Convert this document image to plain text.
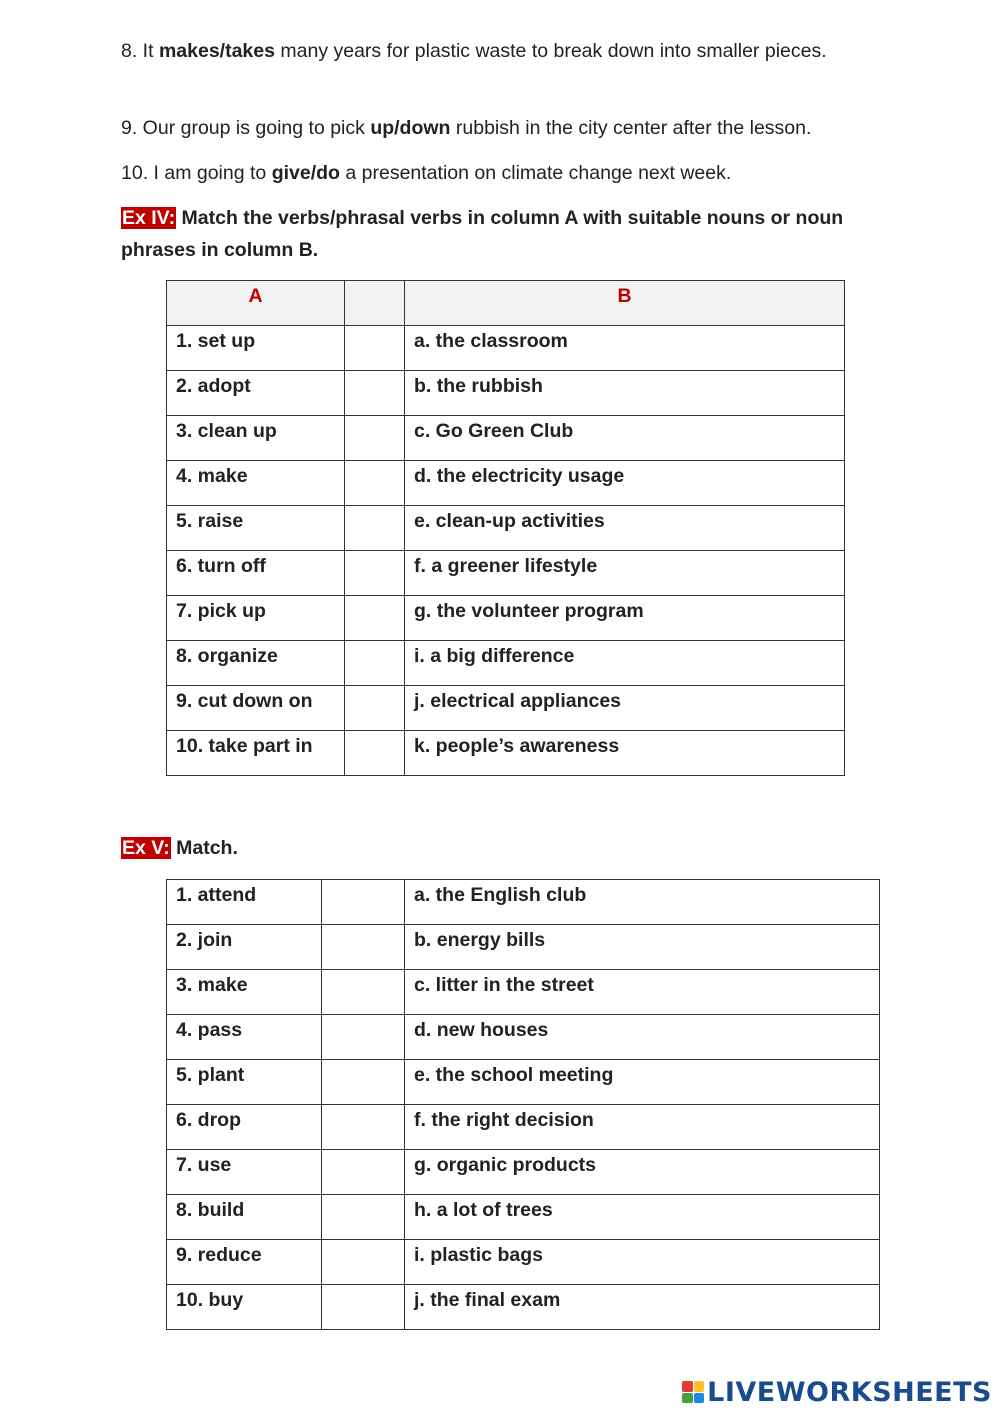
8. It makes/takes many years for plastic waste to break down into smaller pieces.
9. Our group is going to pick up/down rubbish in the city center after the lesson.
10. I am going to give/do a presentation on climate change next week.
Ex IV: Match the verbs/phrasal verbs in column A with suitable nouns or noun phrases in column B.
A		B
1. set up		a. the classroom
2. adopt		b. the rubbish
3. clean up		c. Go Green Club
4. make		d. the electricity usage
5. raise		e. clean-up activities
6. turn off		f. a greener lifestyle
7. pick up		g. the volunteer program
8. organize		i. a big difference
9. cut down on		j. electrical appliances
10. take part in		k. people’s awareness
Ex V: Match.
1. attend		a. the English club
2. join		b. energy bills
3. make		c. litter in the street
4. pass		d. new houses
5. plant		e. the school meeting
6. drop		f. the right decision
7. use		g. organic products
8. build		h. a lot of trees
9. reduce		i. plastic bags
10. buy		j. the final exam
LIVEWORKSHEETS
